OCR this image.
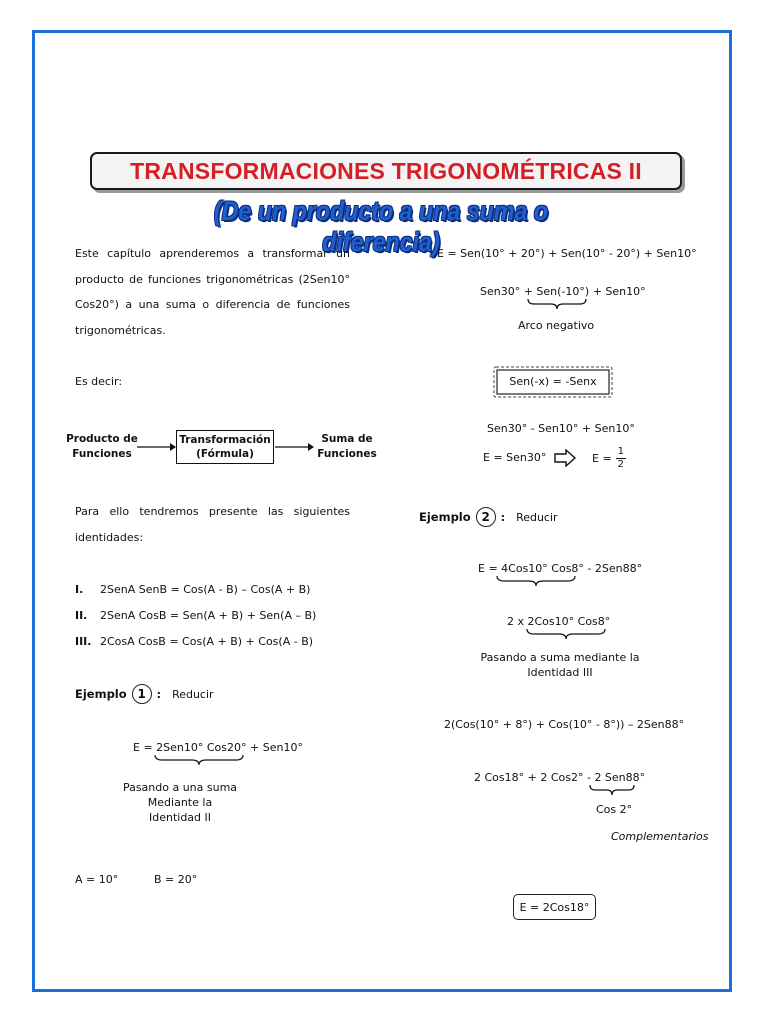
TRANSFORMACIONES TRIGONOMÉTRICAS II
(De un producto a una suma o diferencia)
Este capítulo aprenderemos a transformar un producto de funciones trigonométricas (2Sen10° Cos20°) a una suma o diferencia de funciones trigonométricas.
Es decir:
Producto de
Funciones
Transformación
(Fórmula)
Suma de
Funciones
Para ello tendremos presente las siguientes identidades:
I. 2SenA SenB = Cos(A - B) – Cos(A + B)
II. 2SenA CosB = Sen(A + B) + Sen(A – B)
III. 2CosA CosB = Cos(A + B) + Cos(A - B)
Ejemplo 1 : Reducir
E = 2Sen10° Cos20° + Sen10°
Pasando a una suma
Mediante la
Identidad II
A = 10°	B = 20°
E = Sen(10° + 20°) + Sen(10° - 20°) + Sen10°
Sen30° + Sen(-10°) + Sen10°
Arco negativo
Sen(-x) = -Senx
Sen30° - Sen10° + Sen10°
E = Sen30°	$E = \frac{1}{2}$
Ejemplo 2 : Reducir
E = 4Cos10° Cos8° - 2Sen88°
2 x 2Cos10° Cos8°
Pasando a suma mediante la
Identidad III
2(Cos(10° + 8°) + Cos(10° - 8°)) – 2Sen88°
2 Cos18° + 2 Cos2° - 2 Sen88°
Cos 2°
Complementarios
E = 2Cos18°
